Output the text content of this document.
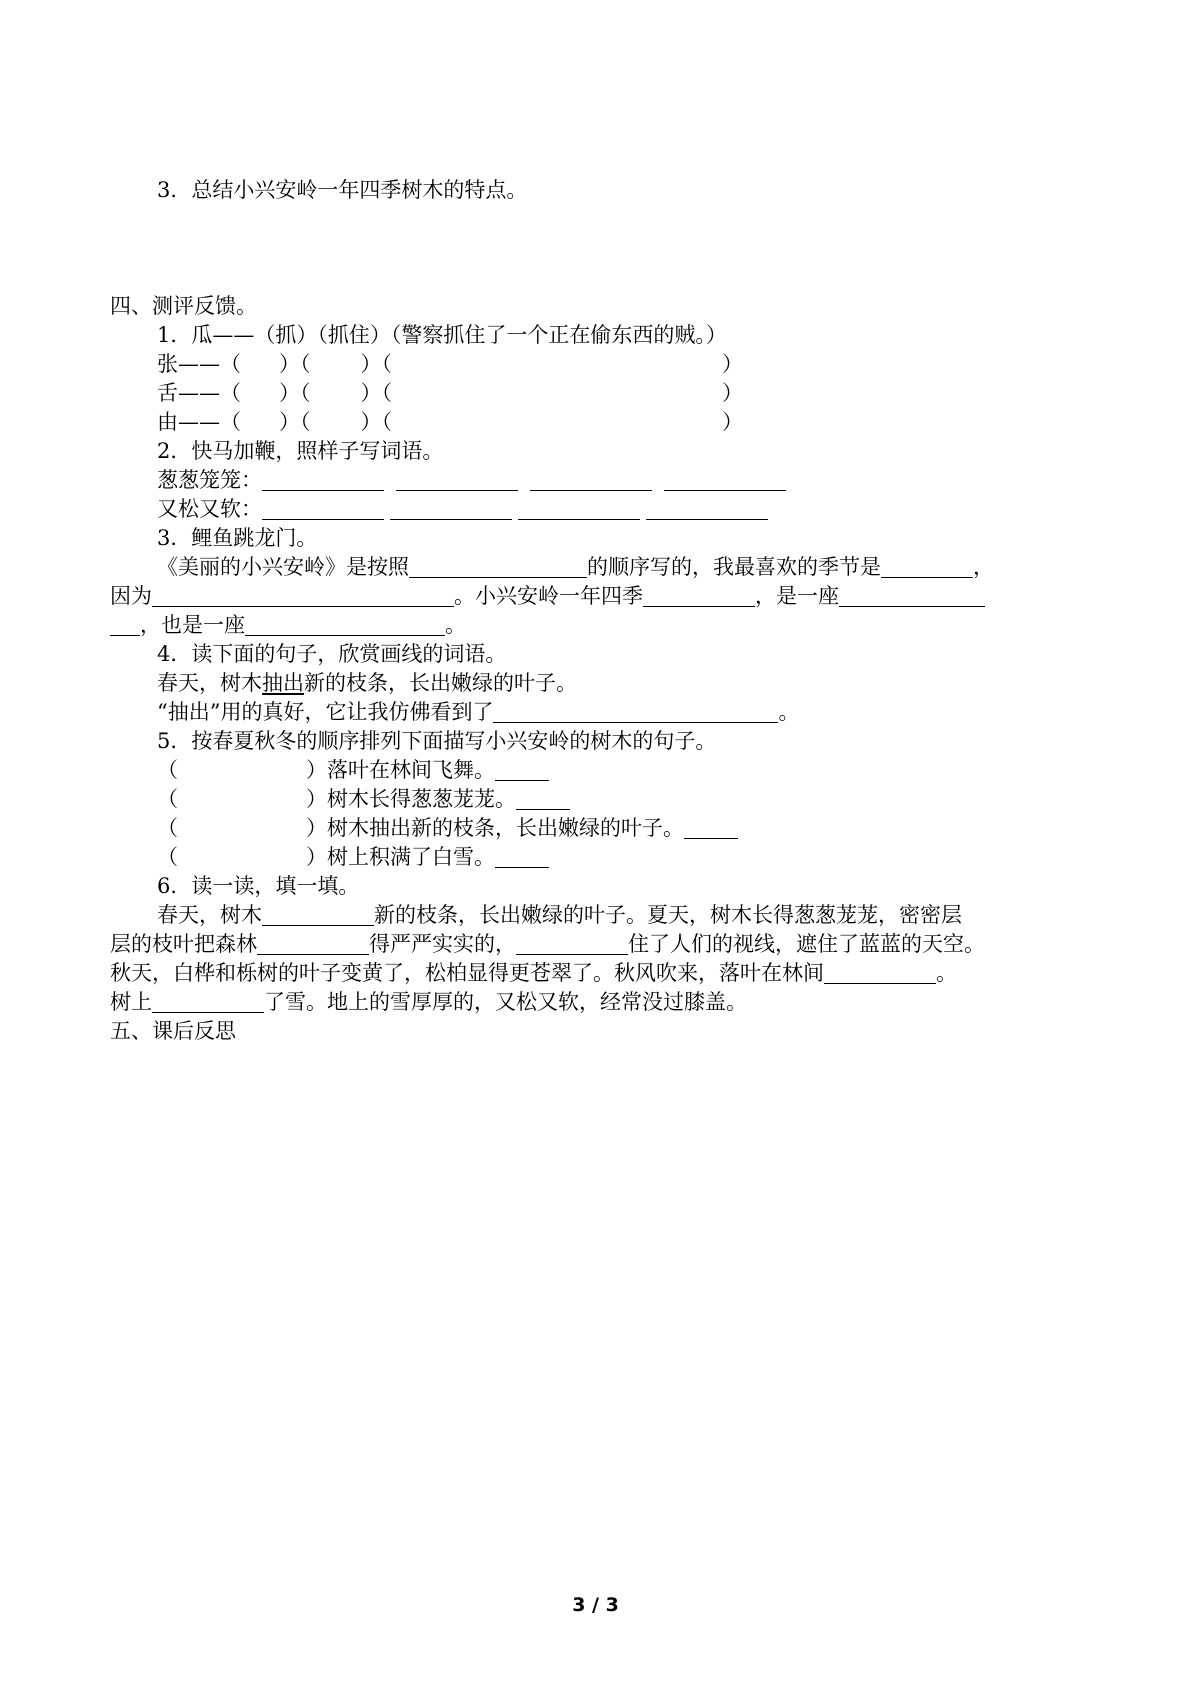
3．总结小兴安岭一年四季树木的特点。
四、测评反馈。
1．瓜——（抓）（抓住）（警察抓住了一个正在偷东西的贼。）
张——（ ）（ ）（	）
舌——（ ）（ ）（	）
由——（ ）（ ）（	）
2．快马加鞭，照样子写词语。
葱葱笼笼：
又松又软：
3．鲤鱼跳龙门。
《美丽的小兴安岭》是按照	的顺序写的，我最喜欢的季节是	，
因为	。小兴安岭一年四季	，是一座
，也是一座	。
4．读下面的句子，欣赏画线的词语。
春天，树木抽出新的枝条，长出嫩绿的叶子。
“抽出”用的真好，它让我仿佛看到了	。
5．按春夏秋冬的顺序排列下面描写小兴安岭的树木的句子。
（	）落叶在林间飞舞。
（	）树木长得葱葱茏茏。
（	）树木抽出新的枝条，长出嫩绿的叶子。
（	）树上积满了白雪。
6．读一读，填一填。
春天，树木	新的枝条，长出嫩绿的叶子。夏天，树木长得葱葱茏茏，密密层
层的枝叶把森林	得严严实实的，	住了人们的视线，遮住了蓝蓝的天空。
秋天，白桦和栎树的叶子变黄了，松柏显得更苍翠了。秋风吹来，落叶在林间	。
树上	了雪。地上的雪厚厚的，又松又软，经常没过膝盖。
五、课后反思
3 / 3
